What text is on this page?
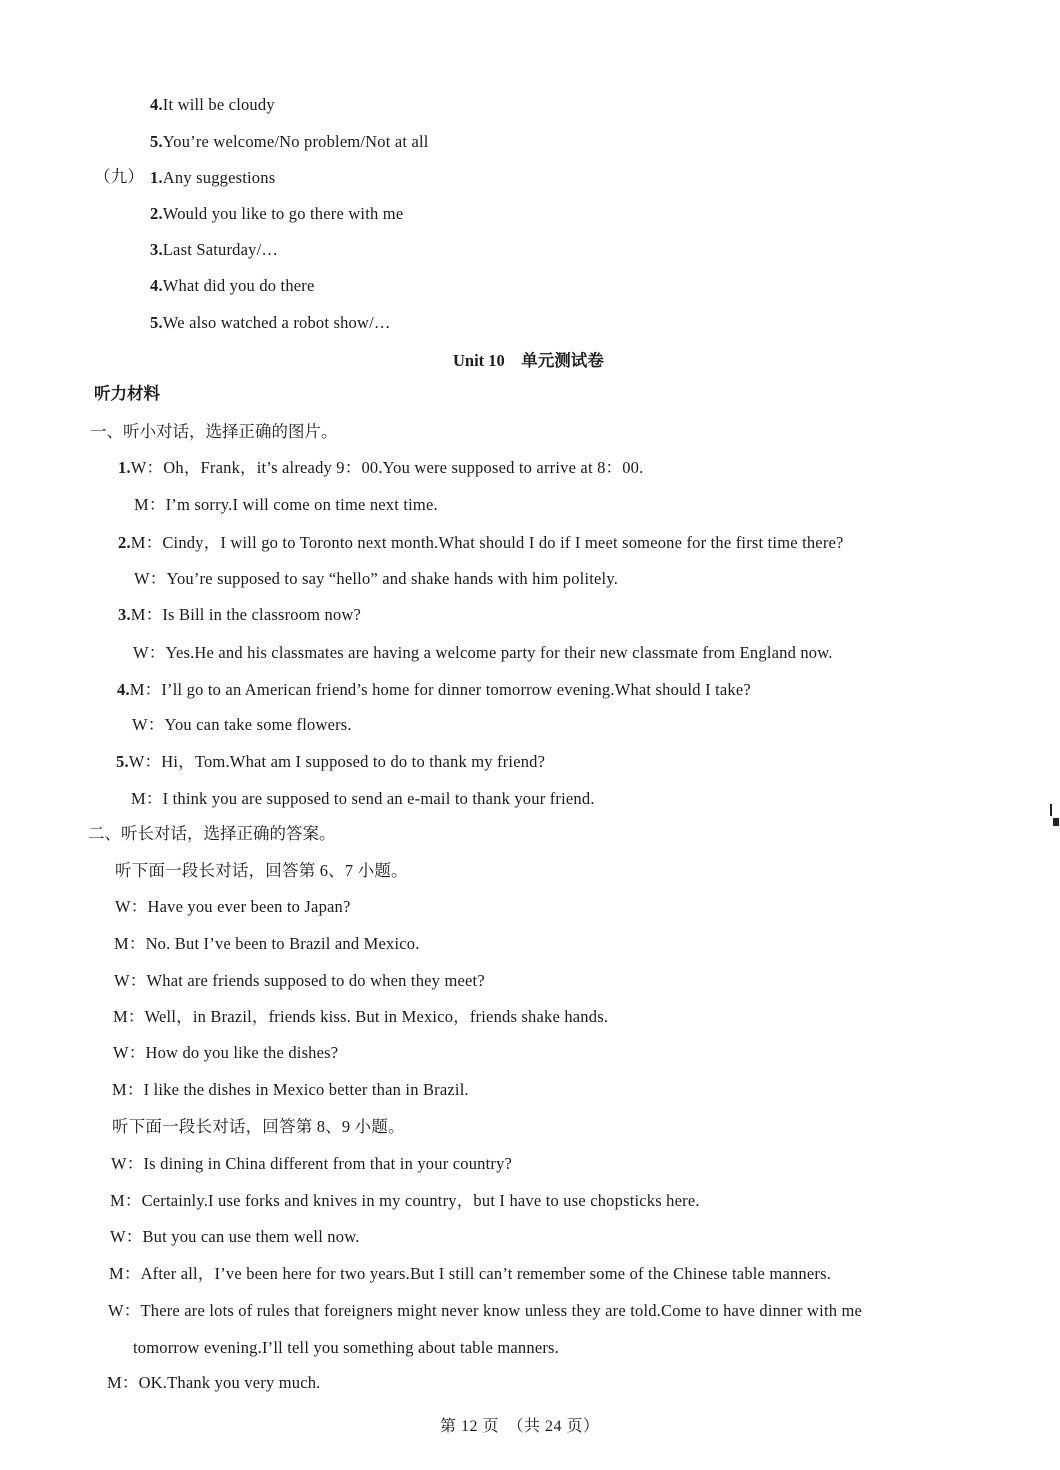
4.It will be cloudy
5.You’re welcome/No problem/Not at all
（九） 1.Any suggestions
2.Would you like to go there with me
3.Last Saturday/…
4.What did you do there
5.We also watched a robot show/…
Unit 10　单元测试卷
听力材料
一、听小对话，选择正确的图片。
1.W：Oh，Frank，it’s already 9：00.You were supposed to arrive at 8：00.
M：I’m sorry.I will come on time next time.
2.M：Cindy，I will go to Toronto next month.What should I do if I meet someone for the first time there?
W：You’re supposed to say “hello” and shake hands with him politely.
3.M：Is Bill in the classroom now?
W：Yes.He and his classmates are having a welcome party for their new classmate from England now.
4.M：I’ll go to an American friend’s home for dinner tomorrow evening.What should I take?
W：You can take some flowers.
5.W：Hi，Tom.What am I supposed to do to thank my friend?
M：I think you are supposed to send an e-mail to thank your friend.
二、听长对话，选择正确的答案。
听下面一段长对话，回答第 6、7 小题。
W：Have you ever been to Japan?
M：No. But I’ve been to Brazil and Mexico.
W：What are friends supposed to do when they meet?
M：Well，in Brazil，friends kiss. But in Mexico，friends shake hands.
W：How do you like the dishes?
M：I like the dishes in Mexico better than in Brazil.
听下面一段长对话，回答第 8、9 小题。
W：Is dining in China different from that in your country?
M：Certainly.I use forks and knives in my country，but I have to use chopsticks here.
W：But you can use them well now.
M：After all，I’ve been here for two years.But I still can’t remember some of the Chinese table manners.
W：There are lots of rules that foreigners might never know unless they are told.Come to have dinner with me
tomorrow evening.I’ll tell you something about table manners.
M：OK.Thank you very much.
第 12 页　（共 24 页）
